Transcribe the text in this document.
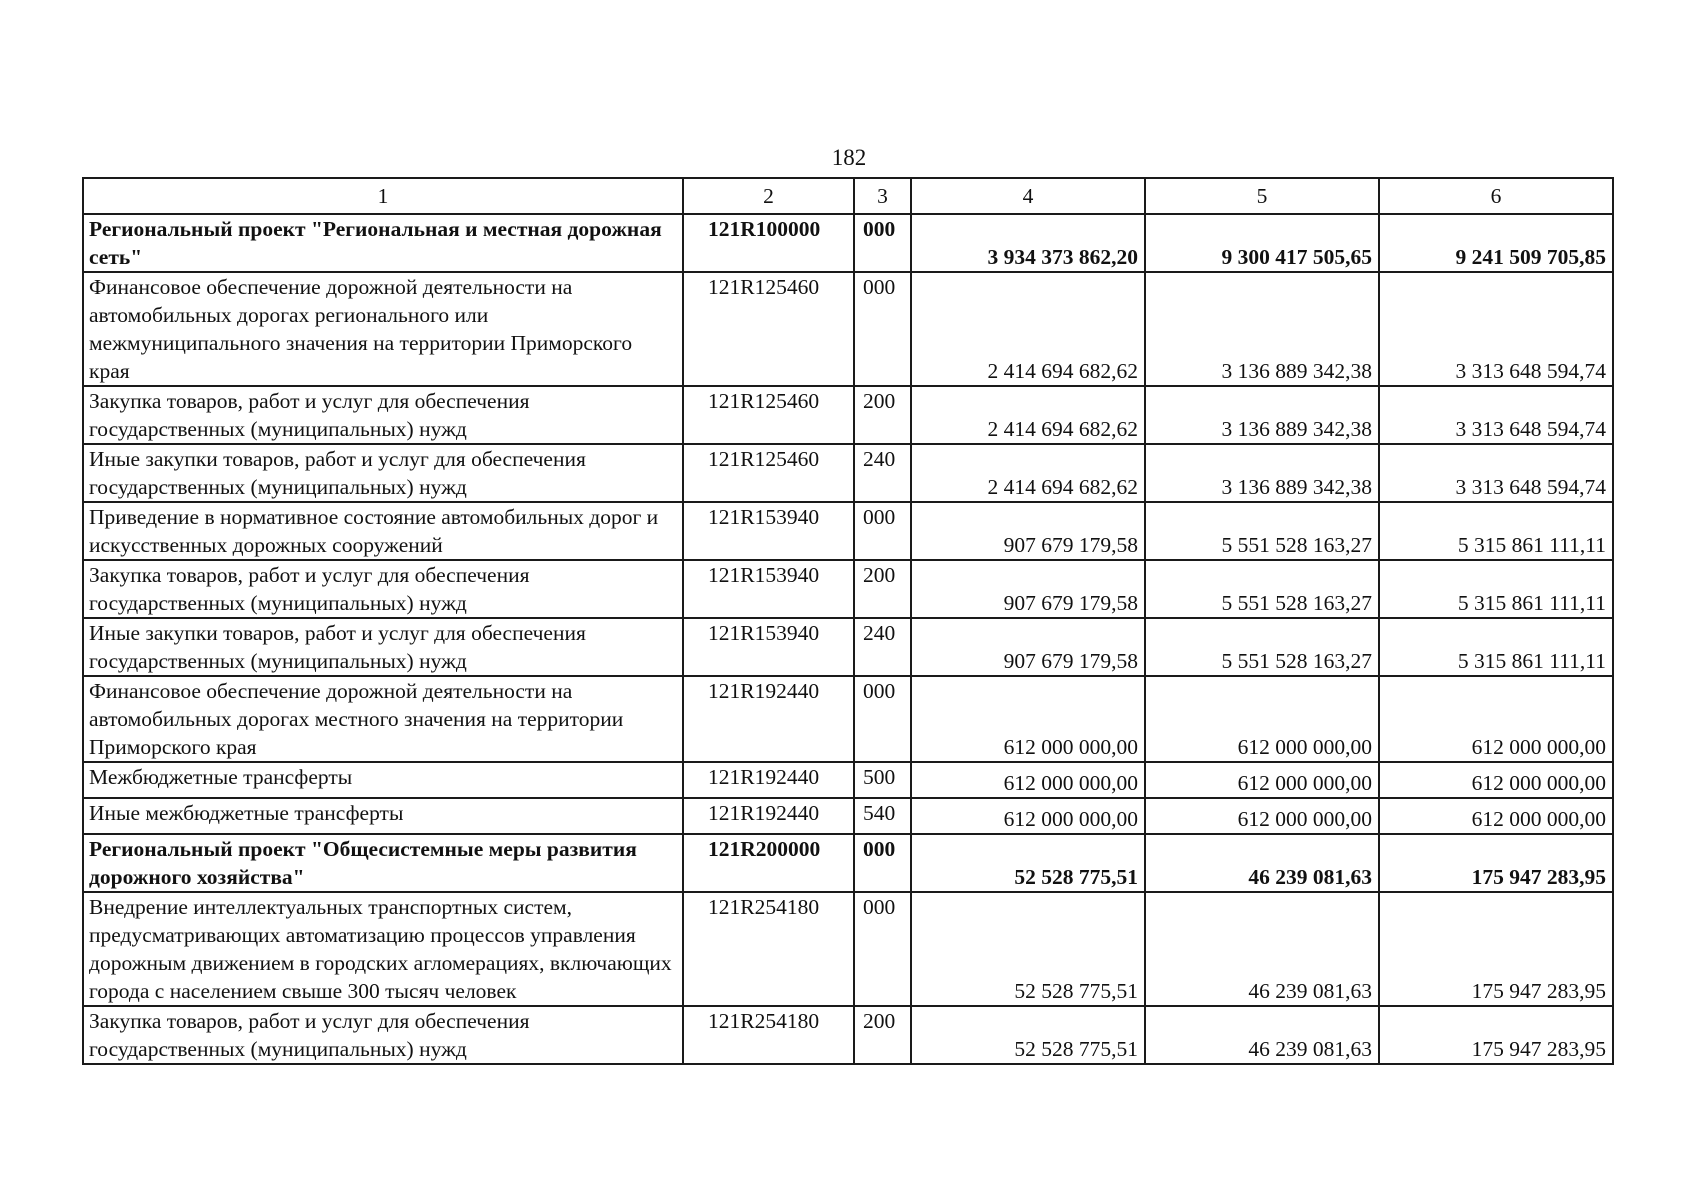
182
1	2	3	4	5	6
Региональный проект "Региональная и местная дорожная сеть"	121R100000	000	3 934 373 862,20	9 300 417 505,65	9 241 509 705,85
Финансовое обеспечение дорожной деятельности на автомобильных дорогах регионального или межмуниципального значения на территории Приморского края	121R125460	000	2 414 694 682,62	3 136 889 342,38	3 313 648 594,74
Закупка товаров, работ и услуг для обеспечения государственных (муниципальных) нужд	121R125460	200	2 414 694 682,62	3 136 889 342,38	3 313 648 594,74
Иные закупки товаров, работ и услуг для обеспечения государственных (муниципальных) нужд	121R125460	240	2 414 694 682,62	3 136 889 342,38	3 313 648 594,74
Приведение в нормативное состояние автомобильных дорог и искусственных дорожных сооружений	121R153940	000	907 679 179,58	5 551 528 163,27	5 315 861 111,11
Закупка товаров, работ и услуг для обеспечения государственных (муниципальных) нужд	121R153940	200	907 679 179,58	5 551 528 163,27	5 315 861 111,11
Иные закупки товаров, работ и услуг для обеспечения государственных (муниципальных) нужд	121R153940	240	907 679 179,58	5 551 528 163,27	5 315 861 111,11
Финансовое обеспечение дорожной деятельности на автомобильных дорогах местного значения на территории Приморского края	121R192440	000	612 000 000,00	612 000 000,00	612 000 000,00
Межбюджетные трансферты	121R192440	500	612 000 000,00	612 000 000,00	612 000 000,00
Иные межбюджетные трансферты	121R192440	540	612 000 000,00	612 000 000,00	612 000 000,00
Региональный проект "Общесистемные меры развития дорожного хозяйства"	121R200000	000	52 528 775,51	46 239 081,63	175 947 283,95
Внедрение интеллектуальных транспортных систем, предусматривающих автоматизацию процессов управления дорожным движением в городских агломерациях, включающих города с населением свыше 300 тысяч человек	121R254180	000	52 528 775,51	46 239 081,63	175 947 283,95
Закупка товаров, работ и услуг для обеспечения государственных (муниципальных) нужд	121R254180	200	52 528 775,51	46 239 081,63	175 947 283,95
